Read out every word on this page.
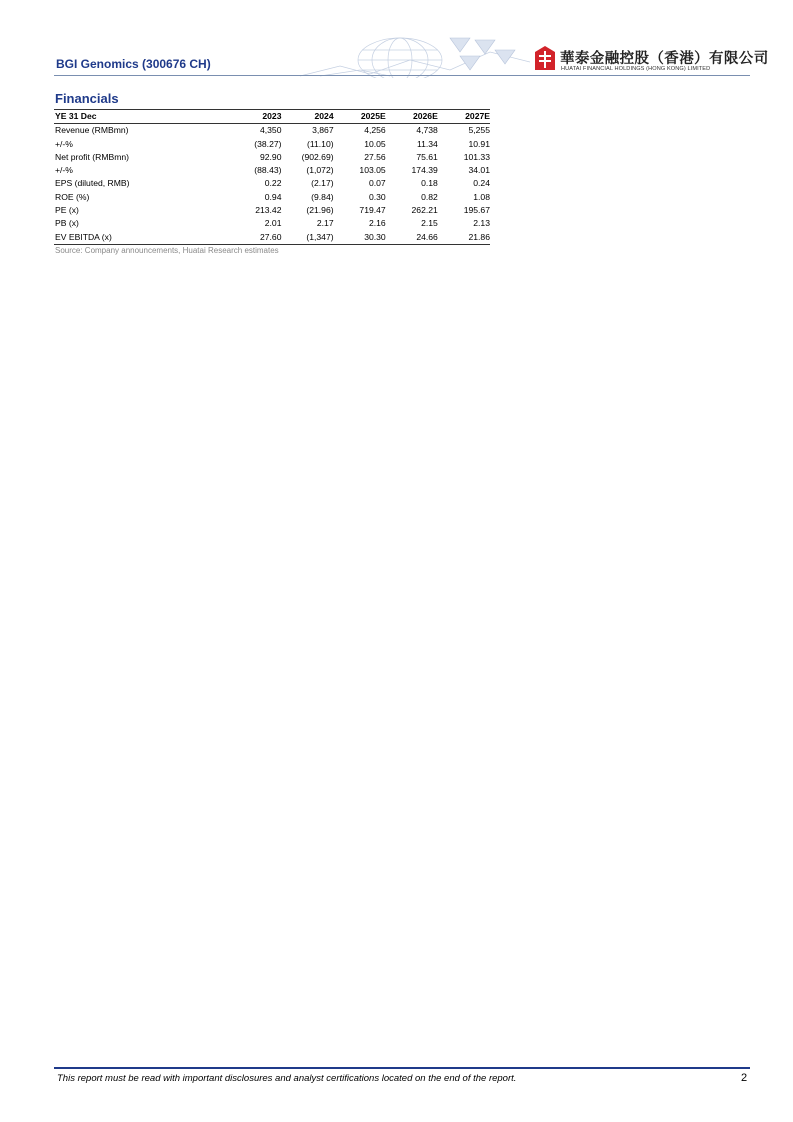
BGI Genomics (300676 CH)	華泰金融控股（香港）有限公司
HUATAI FINANCIAL HOLDINGS (HONG KONG) LIMITED
Financials
YE 31 Dec	2023	2024	2025E	2026E	2027E
Revenue (RMBmn)	4,350	3,867	4,256	4,738	5,255
+/-%	(38.27)	(11.10)	10.05	11.34	10.91
Net profit (RMBmn)	92.90	(902.69)	27.56	75.61	101.33
+/-%	(88.43)	(1,072)	103.05	174.39	34.01
EPS (diluted, RMB)	0.22	(2.17)	0.07	0.18	0.24
ROE (%)	0.94	(9.84)	0.30	0.82	1.08
PE (x)	213.42	(21.96)	719.47	262.21	195.67
PB (x)	2.01	2.17	2.16	2.15	2.13
EV EBITDA (x)	27.60	(1,347)	30.30	24.66	21.86
Source: Company announcements, Huatai Research estimates
This report must be read with important disclosures and analyst certifications located on the end of the report.	2
